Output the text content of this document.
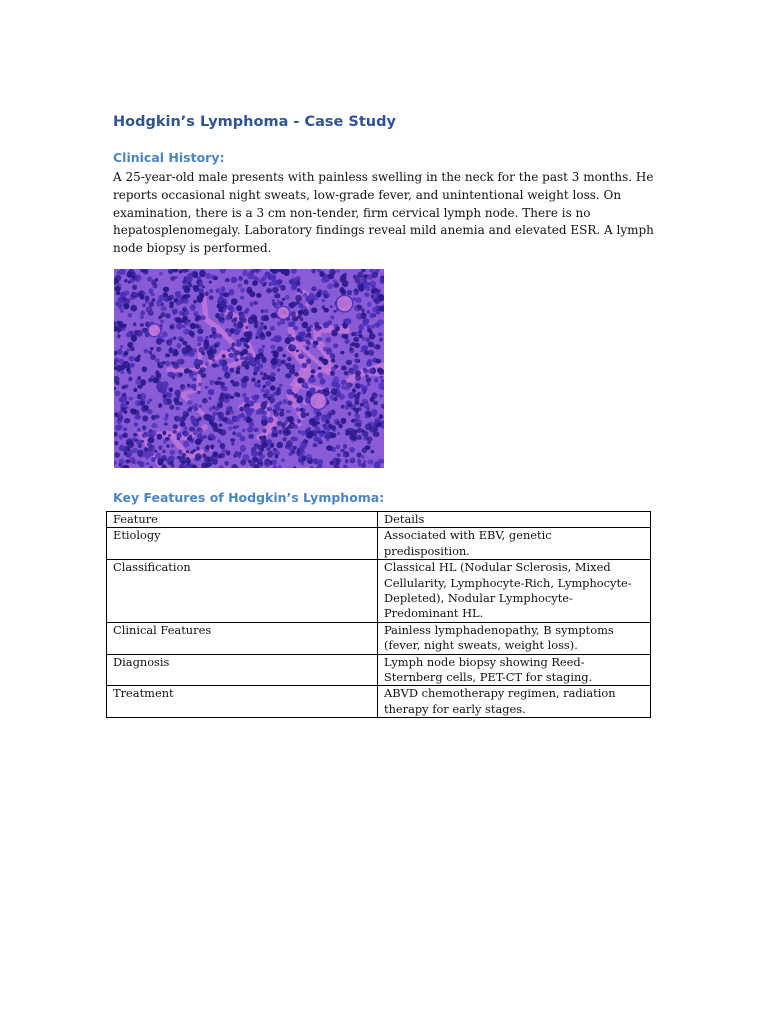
Hodgkin’s Lymphoma - Case Study
Clinical History:
A 25-year-old male presents with painless swelling in the neck for the past 3 months. He
reports occasional night sweats, low-grade fever, and unintentional weight loss. On
examination, there is a 3 cm non-tender, firm cervical lymph node. There is no
hepatosplenomegaly. Laboratory findings reveal mild anemia and elevated ESR. A lymph
node biopsy is performed.
Key Features of Hodgkin’s Lymphoma:
Feature	Details
Etiology	Associated with EBV, genetic
predisposition.

Classification	Classical HL (Nodular Sclerosis, Mixed
Cellularity, Lymphocyte-Rich, Lymphocyte-
Depleted), Nodular Lymphocyte-
Predominant HL.

Clinical Features	Painless lymphadenopathy, B symptoms
(fever, night sweats, weight loss).

Diagnosis	Lymph node biopsy showing Reed-
Sternberg cells, PET-CT for staging.

Treatment	ABVD chemotherapy regimen, radiation
therapy for early stages.
